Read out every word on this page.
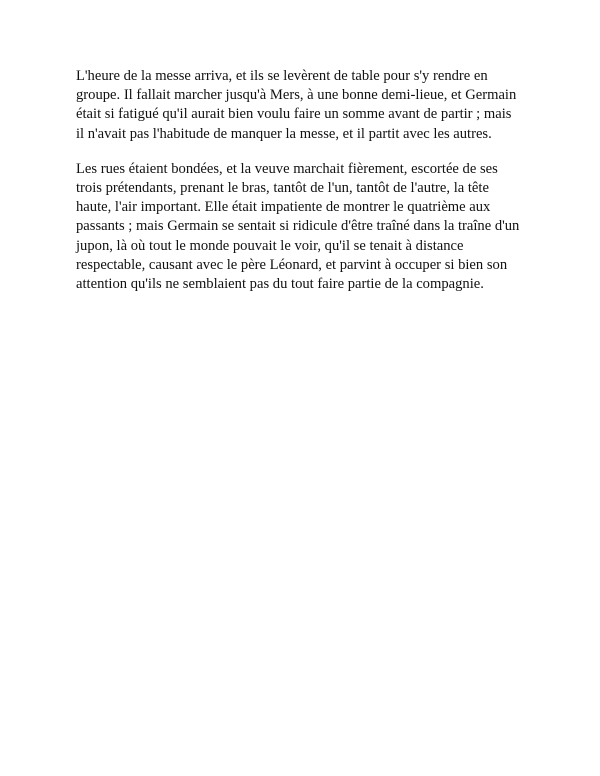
L'heure de la messe arriva, et ils se levèrent de table pour s'y rendre en
groupe. Il fallait marcher jusqu'à Mers, à une bonne demi-lieue, et Germain
était si fatigué qu'il aurait bien voulu faire un somme avant de partir ; mais
il n'avait pas l'habitude de manquer la messe, et il partit avec les autres.

Les rues étaient bondées, et la veuve marchait fièrement, escortée de ses
trois prétendants, prenant le bras, tantôt de l'un, tantôt de l'autre, la tête
haute, l'air important. Elle était impatiente de montrer le quatrième aux
passants ; mais Germain se sentait si ridicule d'être traîné dans la traîne d'un
jupon, là où tout le monde pouvait le voir, qu'il se tenait à distance
respectable, causant avec le père Léonard, et parvint à occuper si bien son
attention qu'ils ne semblaient pas du tout faire partie de la compagnie.
